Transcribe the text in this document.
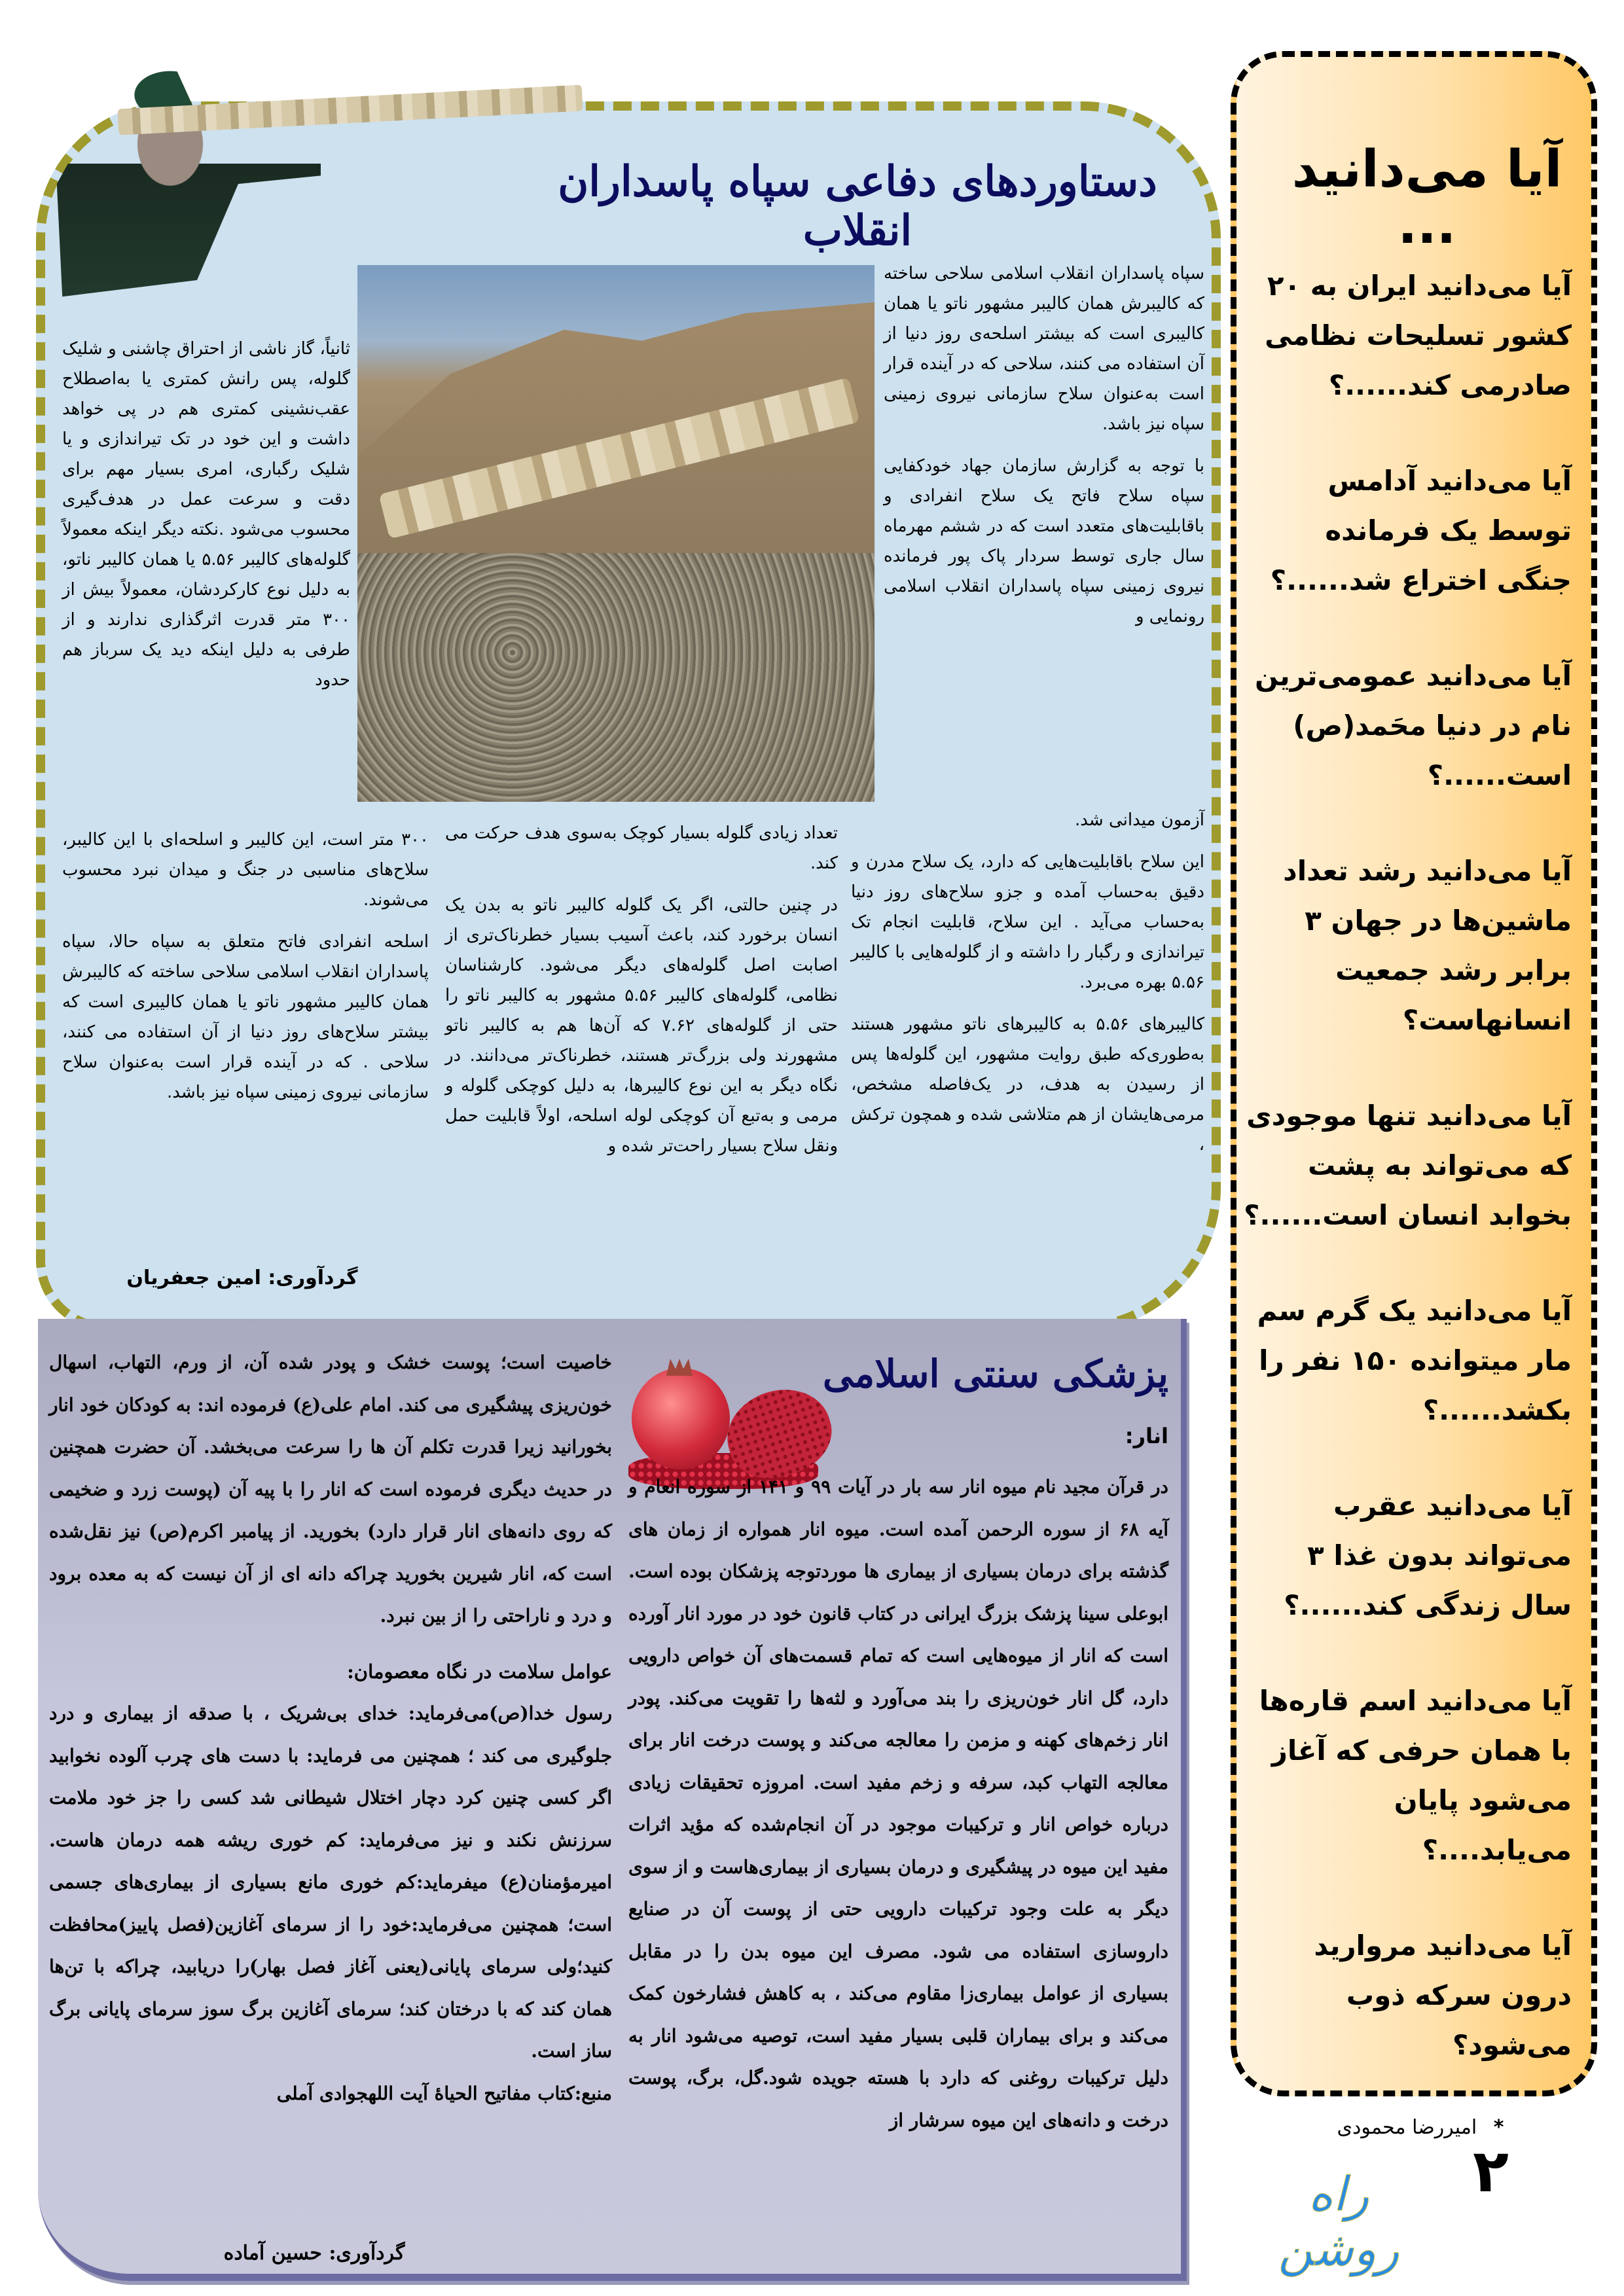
دستاوردهای دفاعی سپاه پاسداران انقلاب

سپاه پاسداران انقلاب اسلامی سلاحی ساخته که کالیبرش همان کالیبر مشهور ناتو یا همان کالیبری است که بیشتر اسلحه‌ی روز دنیا از آن استفاده می کنند، سلاحی که در آینده قرار است به‌عنوان سلاح سازمانی نیروی زمینی سپاه نیز باشد.

با توجه به گزارش سازمان جهاد خودکفایی سپاه سلاح فاتح یک سلاح انفرادی و باقابلیت‌های متعدد است که در ششم مهرماه سال جاری توسط سردار پاک پور فرمانده نیروی زمینی سپاه پاسداران انقلاب اسلامی رونمایی و

آزمون میدانی شد.

این سلاح باقابلیت‌هایی که دارد، یک سلاح مدرن و دقیق به‌حساب آمده و جزو سلاح‌های روز دنیا به‌حساب می‌آید . این سلاح، قابلیت انجام تک تیراندازی و رگبار را داشته و از گلوله‌هایی با کالیبر ۵.۵۶ بهره می‌برد.

کالیبرهای ۵.۵۶ به کالیبرهای ناتو مشهور هستند به‌طوری‌که طبق روایت مشهور، این گلوله‌ها پس از رسیدن به هدف، در یک‌فاصله مشخص، مرمی‌هایشان از هم متلاشی شده و همچون ترکش ،

تعداد زیادی گلوله بسیار کوچک به‌سوی هدف حرکت می کند.

در چنین حالتی، اگر یک گلوله کالیبر ناتو به بدن یک انسان برخورد کند، باعث آسیب بسیار خطرناک‌تری از اصابت اصل گلوله‌های دیگر می‌شود. کارشناسان نظامی، گلوله‌های کالیبر ۵.۵۶ مشهور به کالیبر ناتو را حتی از گلوله‌های ۷.۶۲ که آن‌ها هم به کالیبر ناتو مشهورند ولی بزرگ‌تر هستند، خطرناک‌تر می‌دانند. در نگاه دیگر به این نوع کالیبرها، به دلیل کوچکی گلوله و مرمی و به‌تبع آن کوچکی لوله اسلحه، اولاً قابلیت حمل ونقل سلاح بسیار راحت‌تر شده و

ثانیاً، گاز ناشی از احتراق چاشنی و شلیک گلوله، پس رانش کمتری یا به‌اصطلاح عقب‌نشینی کمتری هم در پی خواهد داشت و این خود در تک تیراندازی و یا شلیک رگباری، امری بسیار مهم برای دقت و سرعت عمل در هدف‌گیری محسوب می‌شود .نکته دیگر اینکه معمولاً گلوله‌های کالیبر ۵.۵۶ یا همان کالیبر ناتو، به دلیل نوع کارکردشان، معمولاً بیش از ۳۰۰ متر قدرت اثرگذاری ندارند و از طرفی به دلیل اینکه دید یک سرباز هم حدود

۳۰۰ متر است، این کالیبر و اسلحه‌ای با این کالیبر، سلاح‌های مناسبی در جنگ و میدان نبرد محسوب می‌شوند.

اسلحه انفرادی فاتح متعلق به سپاه حالا، سپاه پاسداران انقلاب اسلامی سلاحی ساخته که کالیبرش همان کالیبر مشهور ناتو یا همان کالیبری است که بیشتر سلاح‌های روز دنیا از آن استفاده می کنند، سلاحی . که در آینده قرار است به‌عنوان سلاح سازمانی نیروی زمینی سپاه نیز باشد.

گردآوری: امین جعفریان
پزشکی سنتی اسلامی
انار:

در قرآن مجید نام میوه انار سه بار در آیات ۹۹ و ۱۴۱ از سوره انعام و آیه ۶۸ از سوره الرحمن آمده است. میوه انار همواره از زمان های گذشته برای درمان بسیاری از بیماری ها موردتوجه پزشکان بوده است. ابوعلی سینا پزشک بزرگ ایرانی در کتاب قانون خود در مورد انار آورده است که انار از میوه‌هایی است که تمام قسمت‌های آن خواص دارویی دارد، گل انار خون‌ریزی را بند می‌آورد و لثه‌ها را تقویت می‌کند. پودر انار زخم‌های کهنه و مزمن را معالجه می‌کند و پوست درخت انار برای معالجه التهاب کبد، سرفه و زخم مفید است. امروزه تحقیقات زیادی درباره خواص انار و ترکیبات موجود در آن انجام‌شده که مؤید اثرات مفید این میوه در پیشگیری و درمان بسیاری از بیماری‌هاست و از سوی دیگر به علت وجود ترکیبات دارویی حتی از پوست آن در صنایع داروسازی استفاده می شود. مصرف این میوه بدن را در مقابل بسیاری از عوامل بیماری‌زا مقاوم می‌کند ، به کاهش فشارخون کمک می‌کند و برای بیماران قلبی بسیار مفید است، توصیه می‌شود انار به دلیل ترکیبات روغنی که دارد با هسته جویده شود.گل، برگ، پوست درخت و دانه‌های این میوه سرشار از

خاصیت است؛ پوست خشک و پودر شده آن، از ورم، التهاب، اسهال خون‌ریزی پیشگیری می کند. امام علی(ع) فرموده اند: به کودکان خود انار بخورانید زیرا قدرت تکلم آن ها را سرعت می‌بخشد. آن حضرت همچنین در حدیث دیگری فرموده است که انار را با پیه آن (پوست زرد و ضخیمی که روی دانه‌های انار قرار دارد) بخورید. از پیامبر اکرم(ص) نیز نقل‌شده است که، انار شیرین بخورید چراکه دانه ای از آن نیست که به معده برود و درد و ناراحتی را از بین نبرد.

عوامل سلامت در نگاه معصومان:

رسول خدا(ص)می‌فرماید: خدای بی‌شریک ، با صدقه از بیماری و درد جلوگیری می کند ؛ همچنین می فرماید: با دست های چرب آلوده نخوابید اگر کسی چنین کرد دچار اختلال شیطانی شد کسی را جز خود ملامت سرزنش نکند و نیز می‌فرماید: کم خوری ریشه همه درمان هاست. امیرمؤمنان(ع) میفرماید:کم خوری مانع بسیاری از بیماری‌های جسمی است؛ همچنین می‌فرماید:خود را از سرمای آغازین(فصل پاییز)محافظت کنید؛ولی سرمای پایانی(یعنی آغاز فصل بهار)را دریابید، چراکه با تن‌ها همان کند که با درختان کند؛ سرمای آغازین برگ سوز سرمای پایانی برگ ساز است.

منبع:کتاب مفاتیح الحیاۀ آیت اللهجوادی آملی

گردآوری: حسین آماده
آیا می‌دانید ...
آیا می‌دانید ایران به ۲۰ کشور تسلیحات نظامی صادرمی کند......؟
آیا می‌دانید آدامس توسط یک فرمانده جنگی اختراع شد......؟
آیا می‌دانید عمومی‌ترین نام در دنیا محَمد(ص) است......؟
آیا می‌دانید رشد تعداد ماشین‌ها در جهان ۳ برابر رشد جمعیت انسانهاست؟
آیا می‌دانید تنها موجودی که می‌تواند به پشت بخوابد انسان است......؟
آیا می‌دانید یک گرم سم مار میتوانده ۱۵۰ نفر را بکشد......؟
آیا می‌دانید عقرب می‌تواند بدون غذا ۳ سال زندگی کند......؟
آیا می‌دانید اسم قاره‌ها با همان حرفی که آغاز می‌شود پایان می‌یابد....؟
آیا می‌دانید مروارید درون سرکه ذوب می‌شود؟
* امیررضا محمودی
۲
راه روشن
